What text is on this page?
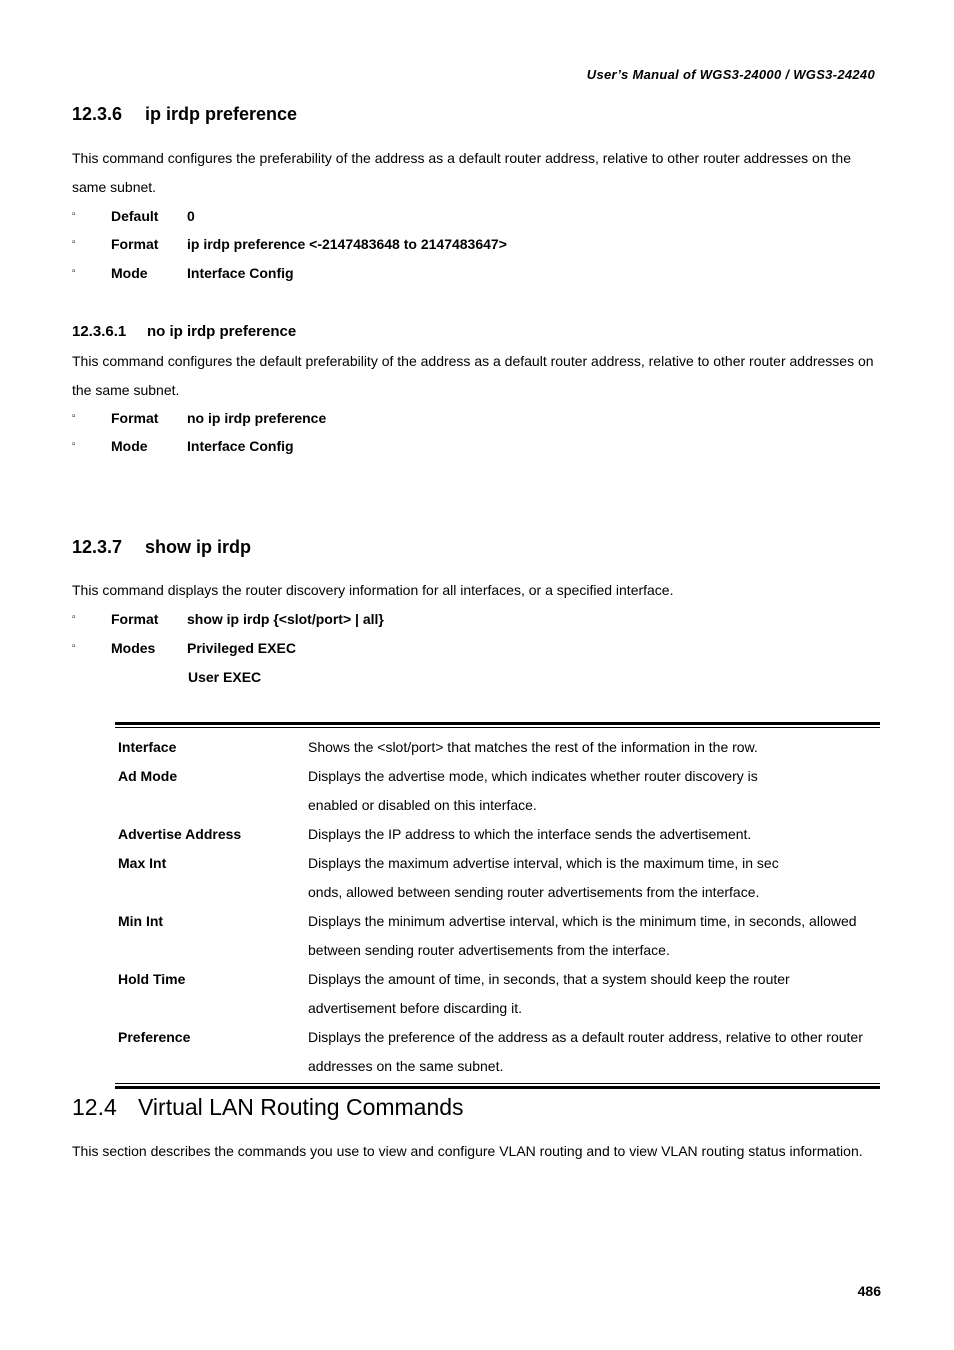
User’s Manual of WGS3-24000 / WGS3-24240
12.3.6 ip irdp preference
This command configures the preferability of the address as a default router address, relative to other router addresses on the same subnet.
▫	Default 0
▫	Format ip irdp preference <-2147483648 to 2147483647>
▫	Mode	Interface Config
12.3.6.1 no ip irdp preference
This command configures the default preferability of the address as a default router address, relative to other router addresses on the same subnet.
▫	Format no ip irdp preference
▫	Mode	Interface Config
12.3.7 show ip irdp
This command displays the router discovery information for all interfaces, or a specified interface.
▫	Format show ip irdp {<slot/port> | all}
▫	Modes Privileged EXEC
User EXEC
Interface	Shows the <slot/port> that matches the rest of the information in the row.
Ad Mode	Displays the advertise mode, which indicates whether router discovery is
enabled or disabled on this interface.
Advertise Address	Displays the IP address to which the interface sends the advertisement.
Max Int	Displays the maximum advertise interval, which is the maximum time, in sec
onds, allowed between sending router advertisements from the interface.
Min Int	Displays the minimum advertise interval, which is the minimum time, in seconds, allowed
between sending router advertisements from the interface.
Hold Time	Displays the amount of time, in seconds, that a system should keep the router
advertisement before discarding it.
Preference	Displays the preference of the address as a default router address, relative to other router
addresses on the same subnet.
12.4 Virtual LAN Routing Commands
This section describes the commands you use to view and configure VLAN routing and to view VLAN routing status information.
486
